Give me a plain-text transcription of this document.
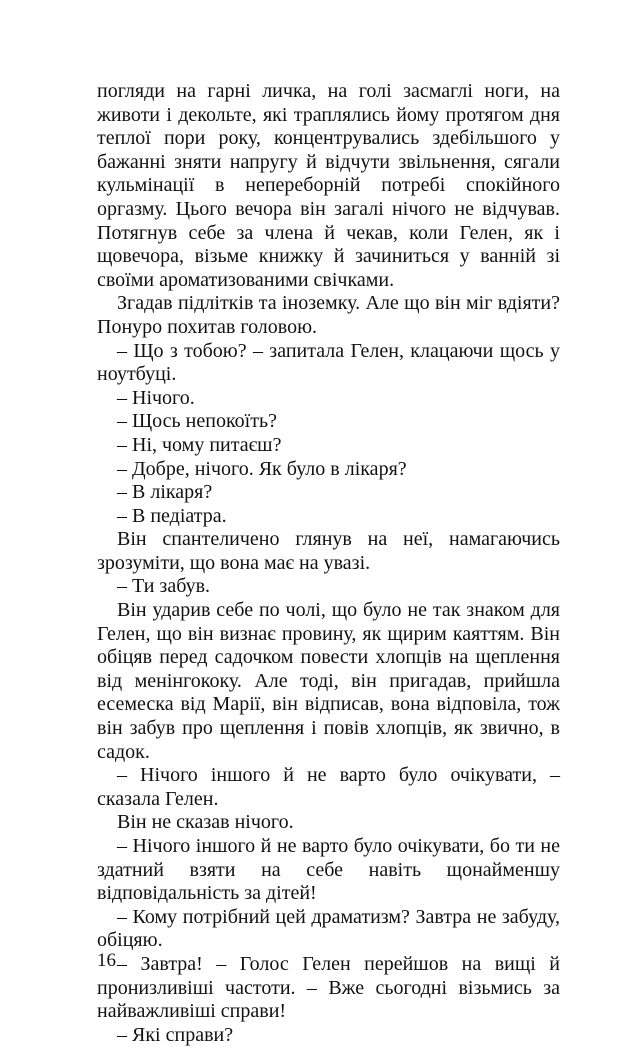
погляди на гарні личка, на голі засмаглі ноги, на животи і декольте, які траплялись йому протягом дня теплої пори року, концентрувались здебільшого у бажанні зняти напругу й відчути звільнення, сягали кульмінації в непереборній потребі спокійного оргазму. Цього вечора він загалі нічого не відчував. Потягнув себе за члена й чекав, коли Гелен, як і щовечора, візьме книжку й зачиниться у ванній зі своїми ароматизованими свічками.

Згадав підлітків та іноземку. Але що він міг вдіяти? Понуро похитав головою.

– Що з тобою? – запитала Гелен, клацаючи щось у ноутбуці.

– Нічого.

– Щось непокоїть?

– Ні, чому питаєш?

– Добре, нічого. Як було в лікаря?

– В лікаря?

– В педіатра.

Він спантеличено глянув на неї, намагаючись зрозуміти, що вона має на увазі.

– Ти забув.

Він ударив себе по чолі, що було не так знаком для Гелен, що він визнає провину, як щирим каяттям. Він обіцяв перед садочком повести хлопців на щеплення від менінгококу. Але тоді, він пригадав, прийшла есемеска від Марії, він відписав, вона відповіла, тож він забув про щеплення і повів хлопців, як звично, в садок.

– Нічого іншого й не варто було очікувати, – сказала Гелен.

Він не сказав нічого.

– Нічого іншого й не варто було очікувати, бо ти не здатний взяти на себе навіть щонайменшу відповідальність за дітей!

– Кому потрібний цей драматизм? Завтра не забуду, обіцяю.

– Завтра! – Голос Гелен перейшов на вищі й пронизливіші частоти. – Вже сьогодні візьмись за найважливіші справи!

– Які справи?

16
